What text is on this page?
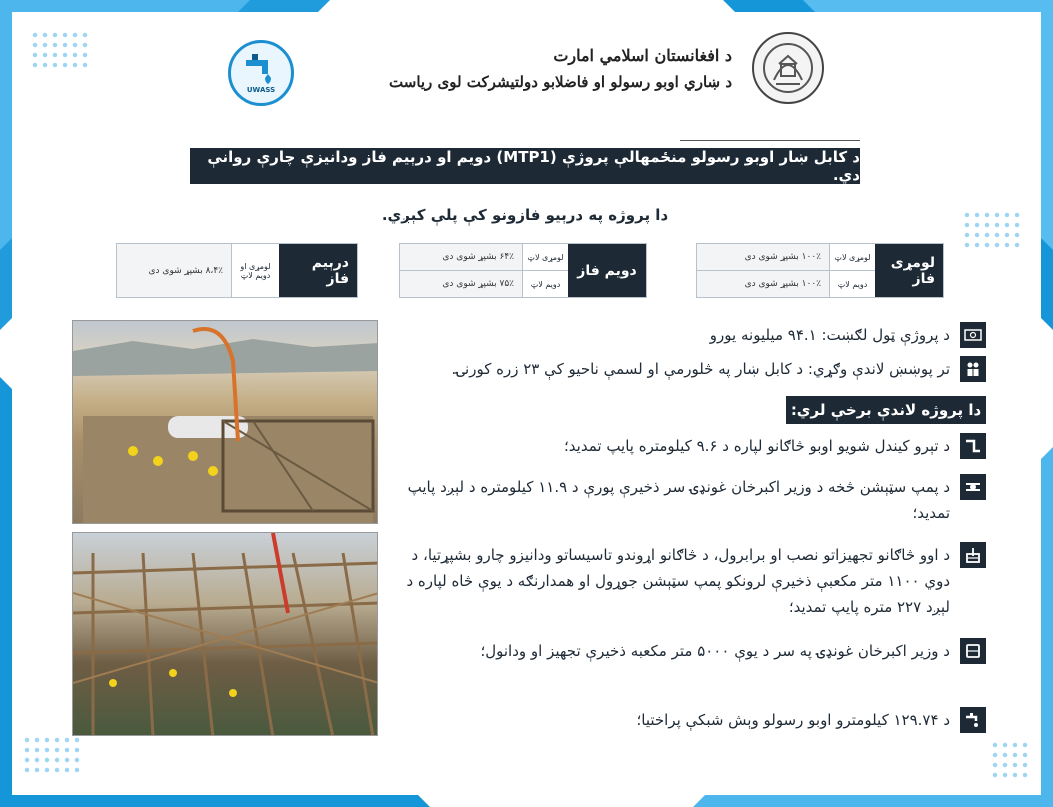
UWASS
د افغانستان اسلامي امارت
د ښاري اوبو رسولو او فاضلابو دولتيشرکت لوی رياست
د کابل ښار اوبو رسولو منځمهالې پروژې (MTP1) دويم او درېيم فاز ودانيزې چارې روانې دي.
دا پروژه په درېيو فازونو کې پلې کېږي.
لومړی فاز
لومړی لاټ
۱۰۰٪ بشپړ شوی دی
دويم لاټ
۱۰۰٪ بشپړ شوی دی
دويم فاز
لومړی لاټ
۶۴٪ بشپړ شوی دی
دويم لاټ
۷۵٪ بشپړ شوی دی
درېيم فاز
لومړی او دويم لاټ
۸،۴٪ بشپړ شوی دی
د پروژې ټول لګښت: ۹۴.۱ ميليونه يورو
تر پوښښ لاندې وګړي: د کابل ښار په څلورمې او لسمې ناحيو کې ۲۳ زره کورنۍ.
دا پروژه لاندې برخې لري:
د تېرو کيندل شويو اوبو څاګانو لپاره د ۹.۶ کيلومتره پايپ تمديد؛
د پمپ سټېشن څخه د وزير اکبرخان غونډۍ سر ذخيرې پورې د ۱۱.۹ کيلومتره د لېږد پايپ تمديد؛
د اوو څاګانو تجهيزاتو نصب او برابرول، د څاګانو اړوندو تاسيساتو ودانيزو چارو بشپړتيا، د دوي ۱۱۰۰ متر مکعبې ذخيرې لرونکو پمپ سټېشن جوړول او همدارنګه د يوې څاه لپاره د لېږد ۲۲۷ متره پايپ تمديد؛
د وزير اکبرخان غونډۍ په سر د يوې ۵۰۰۰ متر مکعبه ذخيرې تجهيز او ودانول؛
د ۱۲۹.۷۴ کيلومترو اوبو رسولو وېش شبکې پراختيا؛
